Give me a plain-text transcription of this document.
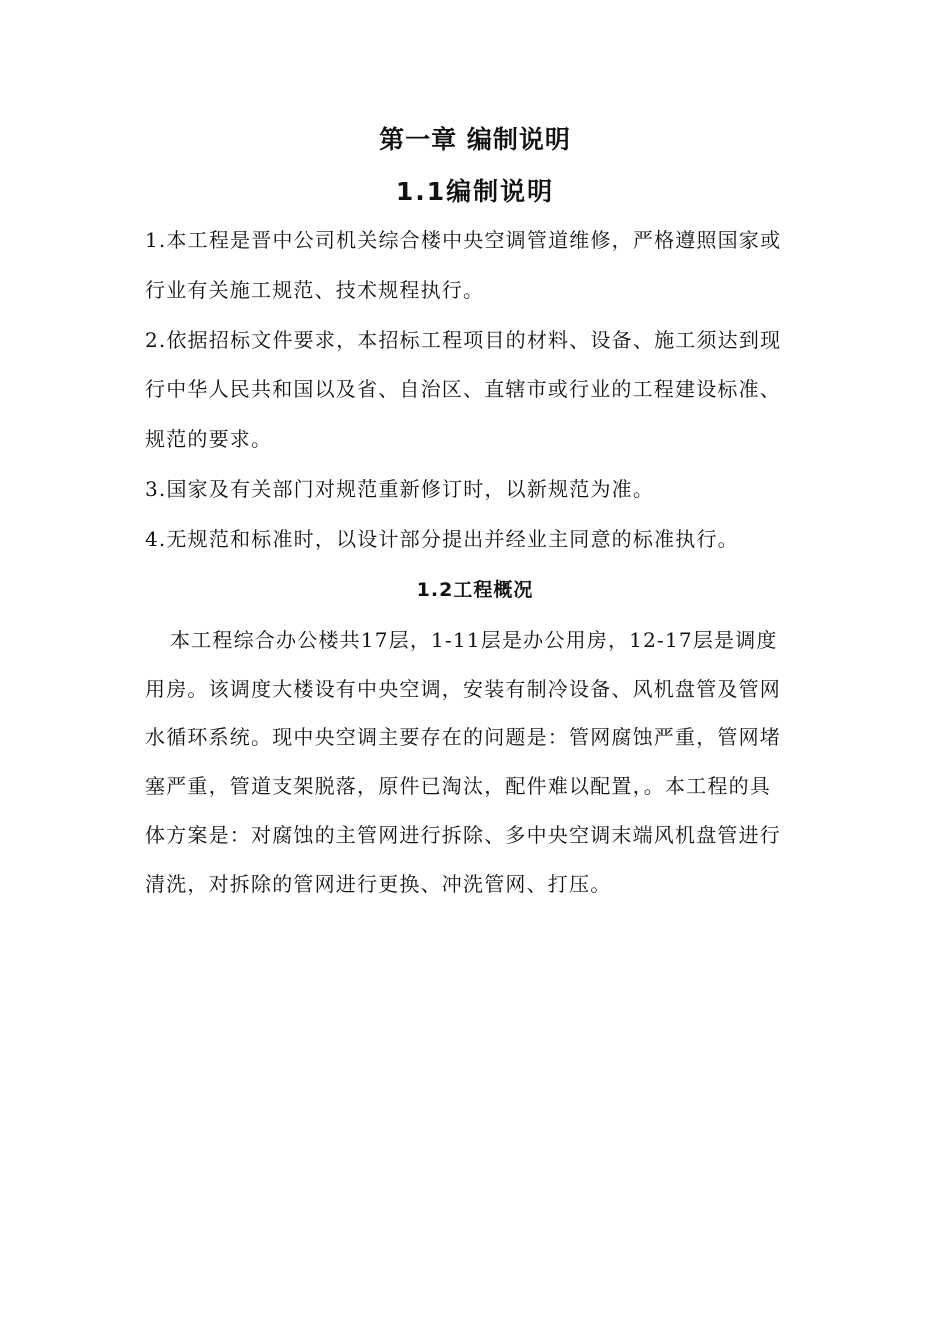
第一章 编制说明
1.1编制说明
1.本工程是晋中公司机关综合楼中央空调管道维修，严格遵照国家或
行业有关施工规范、技术规程执行。
2.依据招标文件要求，本招标工程项目的材料、设备、施工须达到现
行中华人民共和国以及省、自治区、直辖市或行业的工程建设标准、
规范的要求。
3.国家及有关部门对规范重新修订时，以新规范为准。
4.无规范和标准时，以设计部分提出并经业主同意的标准执行。
1.2工程概况
本工程综合办公楼共17层，1-11层是办公用房，12-17层是调度
用房。该调度大楼设有中央空调，安装有制冷设备、风机盘管及管网
水循环系统。现中央空调主要存在的问题是：管网腐蚀严重，管网堵
塞严重，管道支架脱落，原件已淘汰，配件难以配置，。本工程的具
体方案是：对腐蚀的主管网进行拆除、多中央空调末端风机盘管进行
清洗，对拆除的管网进行更换、冲洗管网、打压。
